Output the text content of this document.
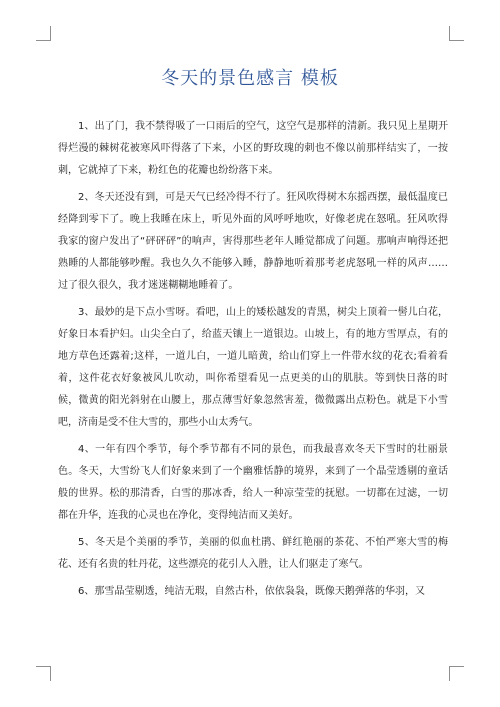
冬天的景色感言 模板

1、出了门，我不禁得吸了一口雨后的空气，这空气是那样的清新。我只见上星期开得烂漫的棘树花被寒风吓得落了下来，小区的野玫瑰的刺也不像以前那样结实了，一按刺，它就掉了下来，粉红色的花瓣也纷纷落下来。

2、冬天还没有到，可是天气已经冷得不行了。狂风吹得树木东摇西摆，最低温度已经降到零下了。晚上我睡在床上，听见外面的风呼呼地吹，好像老虎在怒吼。狂风吹得我家的窗户发出了“砰砰砰”的响声，害得那些老年人睡觉都成了问题。那响声响得还把熟睡的人都能够吵醒。我也久久不能够入睡，静静地听着那考老虎怒吼一样的风声……过了很久很久，我才迷迷糊糊地睡着了。

3、最妙的是下点小雪呀。看吧，山上的矮松越发的青黑，树尖上顶着一髻儿白花，好象日本看护妇。山尖全白了，给蓝天镶上一道银边。山坡上，有的地方雪厚点，有的地方草色还露着;这样，一道儿白，一道儿暗黄，给山们穿上一件带水纹的花衣;看着看着，这件花衣好象被风儿吹动，叫你希望看见一点更美的山的肌肤。等到快日落的时候，微黄的阳光斜射在山腰上，那点薄雪好象忽然害羞，微微露出点粉色。就是下小雪吧，济南是受不住大雪的，那些小山太秀气。

4、一年有四个季节，每个季节都有不同的景色，而我最喜欢冬天下雪时的壮丽景色。冬天，大雪纷飞人们好象来到了一个幽雅恬静的境界，来到了一个晶莹透剔的童话般的世界。松的那清香，白雪的那冰香，给人一种凉莹莹的抚慰。一切都在过滤，一切都在升华，连我的心灵也在净化，变得纯洁而又美好。

5、冬天是个美丽的季节，美丽的似血杜鹃、鲜红艳丽的茶花、不怕严寒大雪的梅花、还有名贵的牡丹花，这些漂亮的花引人入胜，让人们驱走了寒气。

6、那雪晶莹剔透，纯洁无瑕，自然古朴，依依袅袅，既像天鹅弹落的华羽，又
